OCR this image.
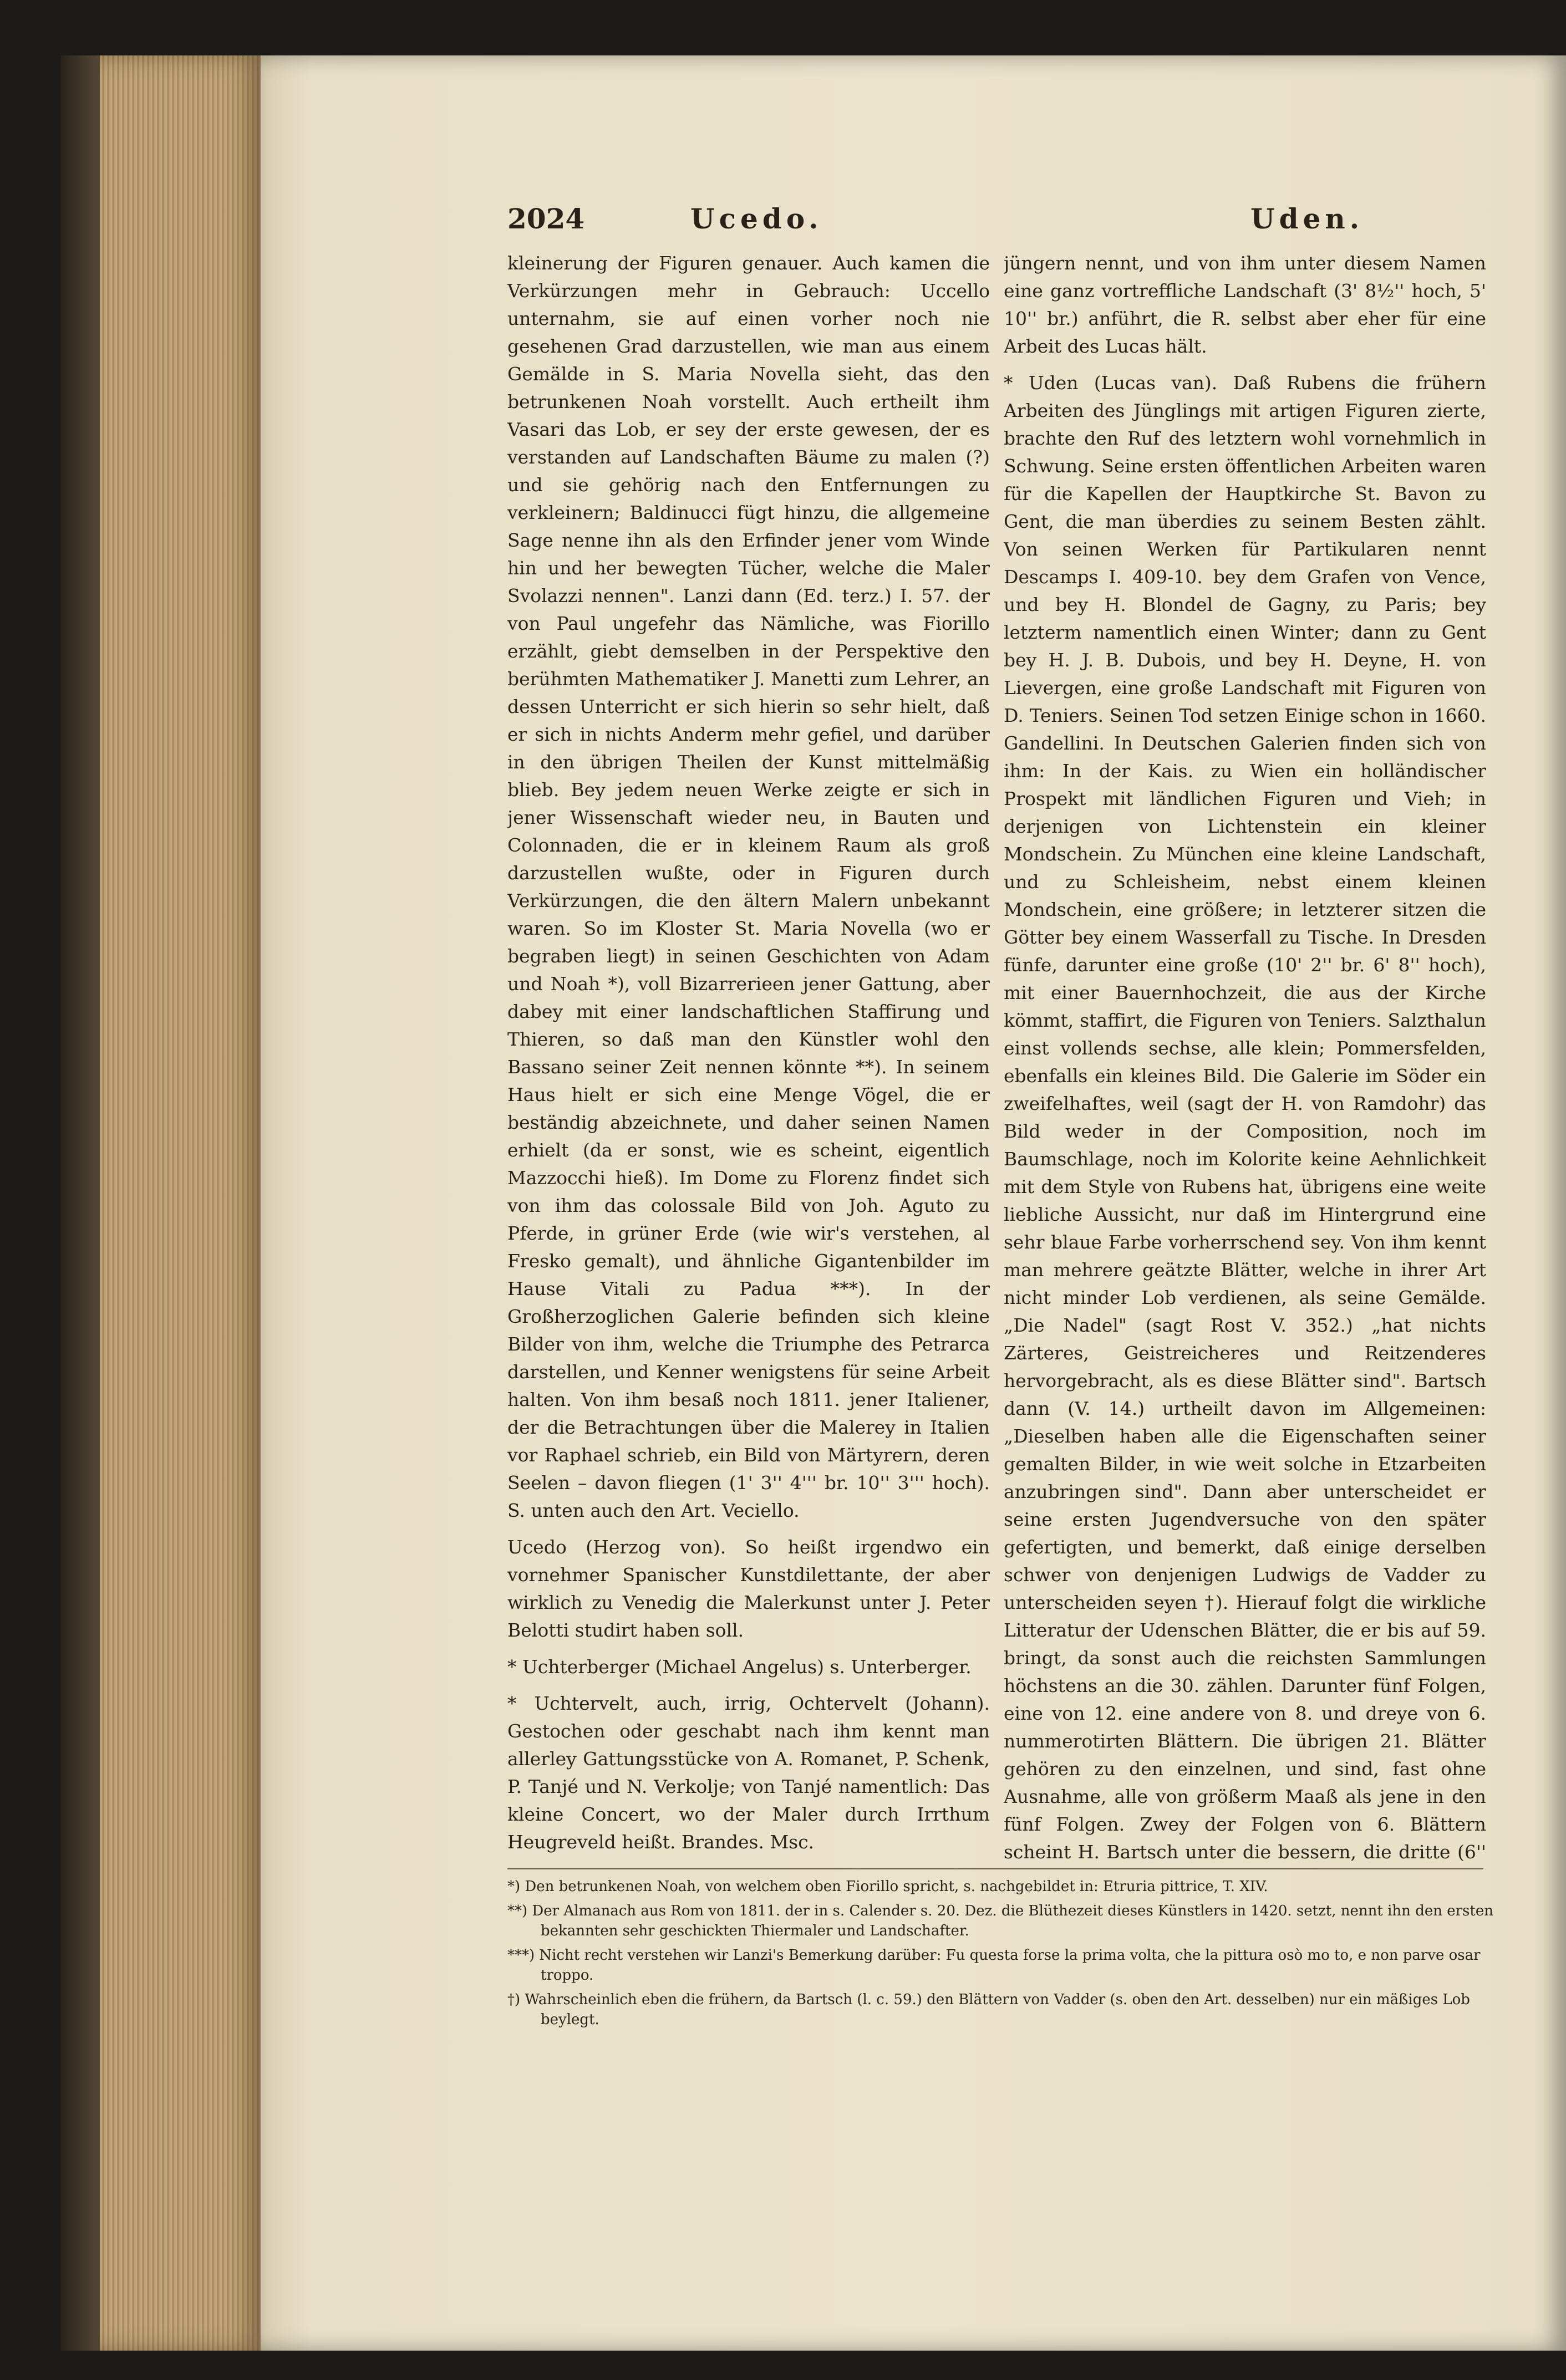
2024	Ucedo.	Uden.

kleinerung der Figuren genauer. Auch kamen die Verkürzungen mehr in Gebrauch: Uccello unternahm, sie auf einen vorher noch nie gesehenen Grad darzustellen, wie man aus einem Gemälde in S. Maria Novella sieht, das den betrunkenen Noah vorstellt. Auch ertheilt ihm Vasari das Lob, er sey der erste gewesen, der es verstanden auf Landschaften Bäume zu malen (?) und sie gehörig nach den Entfernungen zu verkleinern; Baldinucci fügt hinzu, die allgemeine Sage nenne ihn als den Erfinder jener vom Winde hin und her bewegten Tücher, welche die Maler Svolazzi nennen". Lanzi dann (Ed. terz.) I. 57. der von Paul ungefehr das Nämliche, was Fiorillo erzählt, giebt demselben in der Perspektive den berühmten Mathematiker J. Manetti zum Lehrer, an dessen Unterricht er sich hierin so sehr hielt, daß er sich in nichts Anderm mehr gefiel, und darüber in den übrigen Theilen der Kunst mittelmäßig blieb. Bey jedem neuen Werke zeigte er sich in jener Wissenschaft wieder neu, in Bauten und Colonnaden, die er in kleinem Raum als groß darzustellen wußte, oder in Figuren durch Verkürzungen, die den ältern Malern unbekannt waren. So im Kloster St. Maria Novella (wo er begraben liegt) in seinen Geschichten von Adam und Noah *), voll Bizarrerieen jener Gattung, aber dabey mit einer landschaftlichen Staffirung und Thieren, so daß man den Künstler wohl den Bassano seiner Zeit nennen könnte **). In seinem Haus hielt er sich eine Menge Vögel, die er beständig abzeichnete, und daher seinen Namen erhielt (da er sonst, wie es scheint, eigentlich Mazzocchi hieß). Im Dome zu Florenz findet sich von ihm das colossale Bild von Joh. Aguto zu Pferde, in grüner Erde (wie wir's verstehen, al Fresko gemalt), und ähnliche Gigantenbilder im Hause Vitali zu Padua ***). In der Großherzoglichen Galerie befinden sich kleine Bilder von ihm, welche die Triumphe des Petrarca darstellen, und Kenner wenigstens für seine Arbeit halten. Von ihm besaß noch 1811. jener Italiener, der die Betrachtungen über die Malerey in Italien vor Raphael schrieb, ein Bild von Märtyrern, deren Seelen – davon fliegen (1' 3'' 4''' br. 10'' 3''' hoch). S. unten auch den Art. Veciello.

Ucedo (Herzog von). So heißt irgendwo ein vornehmer Spanischer Kunstdilettante, der aber wirklich zu Venedig die Malerkunst unter J. Peter Belotti studirt haben soll.

* Uchterberger (Michael Angelus) s. Unterberger.

* Uchtervelt, auch, irrig, Ochtervelt (Johann). Gestochen oder geschabt nach ihm kennt man allerley Gattungsstücke von A. Romanet, P. Schenk, P. Tanjé und N. Verkolje; von Tanjé namentlich: Das kleine Concert, wo der Maler durch Irrthum Heugreveld heißt. Brandes. Msc.

jüngern nennt, und von ihm unter diesem Namen eine ganz vortreffliche Landschaft (3' 8½'' hoch, 5' 10'' br.) anführt, die R. selbst aber eher für eine Arbeit des Lucas hält.

* Uden (Lucas van). Daß Rubens die frühern Arbeiten des Jünglings mit artigen Figuren zierte, brachte den Ruf des letztern wohl vornehmlich in Schwung. Seine ersten öffentlichen Arbeiten waren für die Kapellen der Hauptkirche St. Bavon zu Gent, die man überdies zu seinem Besten zählt. Von seinen Werken für Partikularen nennt Descamps I. 409-10. bey dem Grafen von Vence, und bey H. Blondel de Gagny, zu Paris; bey letzterm namentlich einen Winter; dann zu Gent bey H. J. B. Dubois, und bey H. Deyne, H. von Lievergen, eine große Landschaft mit Figuren von D. Teniers. Seinen Tod setzen Einige schon in 1660. Gandellini. In Deutschen Galerien finden sich von ihm: In der Kais. zu Wien ein holländischer Prospekt mit ländlichen Figuren und Vieh; in derjenigen von Lichtenstein ein kleiner Mondschein. Zu München eine kleine Landschaft, und zu Schleisheim, nebst einem kleinen Mondschein, eine größere; in letzterer sitzen die Götter bey einem Wasserfall zu Tische. In Dresden fünfe, darunter eine große (10' 2'' br. 6' 8'' hoch), mit einer Bauernhochzeit, die aus der Kirche kömmt, staffirt, die Figuren von Teniers. Salzthalun einst vollends sechse, alle klein; Pommersfelden, ebenfalls ein kleines Bild. Die Galerie im Söder ein zweifelhaftes, weil (sagt der H. von Ramdohr) das Bild weder in der Composition, noch im Baumschlage, noch im Kolorite keine Aehnlichkeit mit dem Style von Rubens hat, übrigens eine weite liebliche Aussicht, nur daß im Hintergrund eine sehr blaue Farbe vorherrschend sey. Von ihm kennt man mehrere geätzte Blätter, welche in ihrer Art nicht minder Lob verdienen, als seine Gemälde. „Die Nadel" (sagt Rost V. 352.) „hat nichts Zärteres, Geistreicheres und Reitzenderes hervorgebracht, als es diese Blätter sind". Bartsch dann (V. 14.) urtheilt davon im Allgemeinen: „Dieselben haben alle die Eigenschaften seiner gemalten Bilder, in wie weit solche in Etzarbeiten anzubringen sind". Dann aber unterscheidet er seine ersten Jugendversuche von den später gefertigten, und bemerkt, daß einige derselben schwer von denjenigen Ludwigs de Vadder zu unterscheiden seyen †). Hierauf folgt die wirkliche Litteratur der Udenschen Blätter, die er bis auf 59. bringt, da sonst auch die reichsten Sammlungen höchstens an die 30. zählen. Darunter fünf Folgen, eine von 12. eine andere von 8. und dreye von 6. nummerotirten Blättern. Die übrigen 21. Blätter gehören zu den einzelnen, und sind, fast ohne Ausnahme, alle von größerm Maaß als jene in den fünf Folgen. Zwey der Folgen von 6. Blättern scheint H. Bartsch unter die bessern, die dritte (6''

*) Den betrunkenen Noah, von welchem oben Fiorillo spricht, s. nachgebildet in: Etruria pittrice, T. XIV.

**) Der Almanach aus Rom von 1811. der in s. Calender s. 20. Dez. die Blüthezeit dieses Künstlers in 1420. setzt, nennt ihn den ersten bekannten sehr geschickten Thiermaler und Landschafter.

***) Nicht recht verstehen wir Lanzi's Bemerkung darüber: Fu questa forse la prima volta, che la pittura osò mo to, e non parve osar troppo.

†) Wahrscheinlich eben die frühern, da Bartsch (l. c. 59.) den Blättern von Vadder (s. oben den Art. desselben) nur ein mäßiges Lob beylegt.
